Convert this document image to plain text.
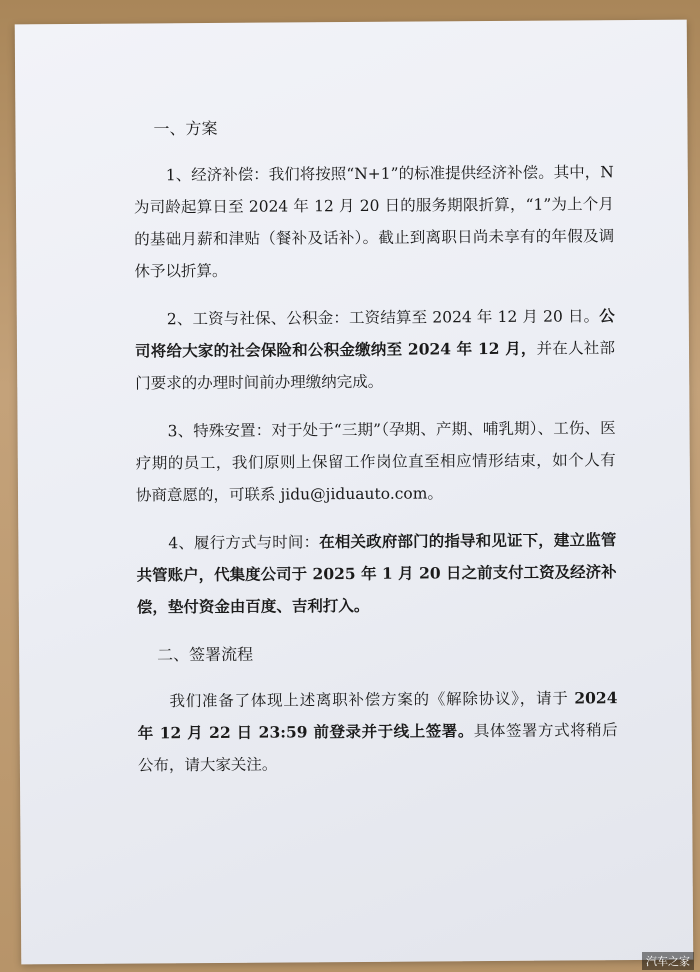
一、方案

1、经济补偿：我们将按照“N+1”的标准提供经济补偿。其中，N为司龄起算日至 2024 年 12 月 20 日的服务期限折算，“1”为上个月的基础月薪和津贴（餐补及话补）。截止到离职日尚未享有的年假及调休予以折算。

2、工资与社保、公积金：工资结算至 2024 年 12 月 20 日。公司将给大家的社会保险和公积金缴纳至 2024 年 12 月，并在人社部门要求的办理时间前办理缴纳完成。

3、特殊安置：对于处于“三期”（孕期、产期、哺乳期）、工伤、医疗期的员工，我们原则上保留工作岗位直至相应情形结束，如个人有协商意愿的，可联系 jidu@jiduauto.com。

4、履行方式与时间：在相关政府部门的指导和见证下，建立监管共管账户，代集度公司于 2025 年 1 月 20 日之前支付工资及经济补偿，垫付资金由百度、吉利打入。

二、签署流程

我们准备了体现上述离职补偿方案的《解除协议》，请于 2024 年 12 月 22 日 23:59 前登录并于线上签署。具体签署方式将稍后公布，请大家关注。

汽车之家
